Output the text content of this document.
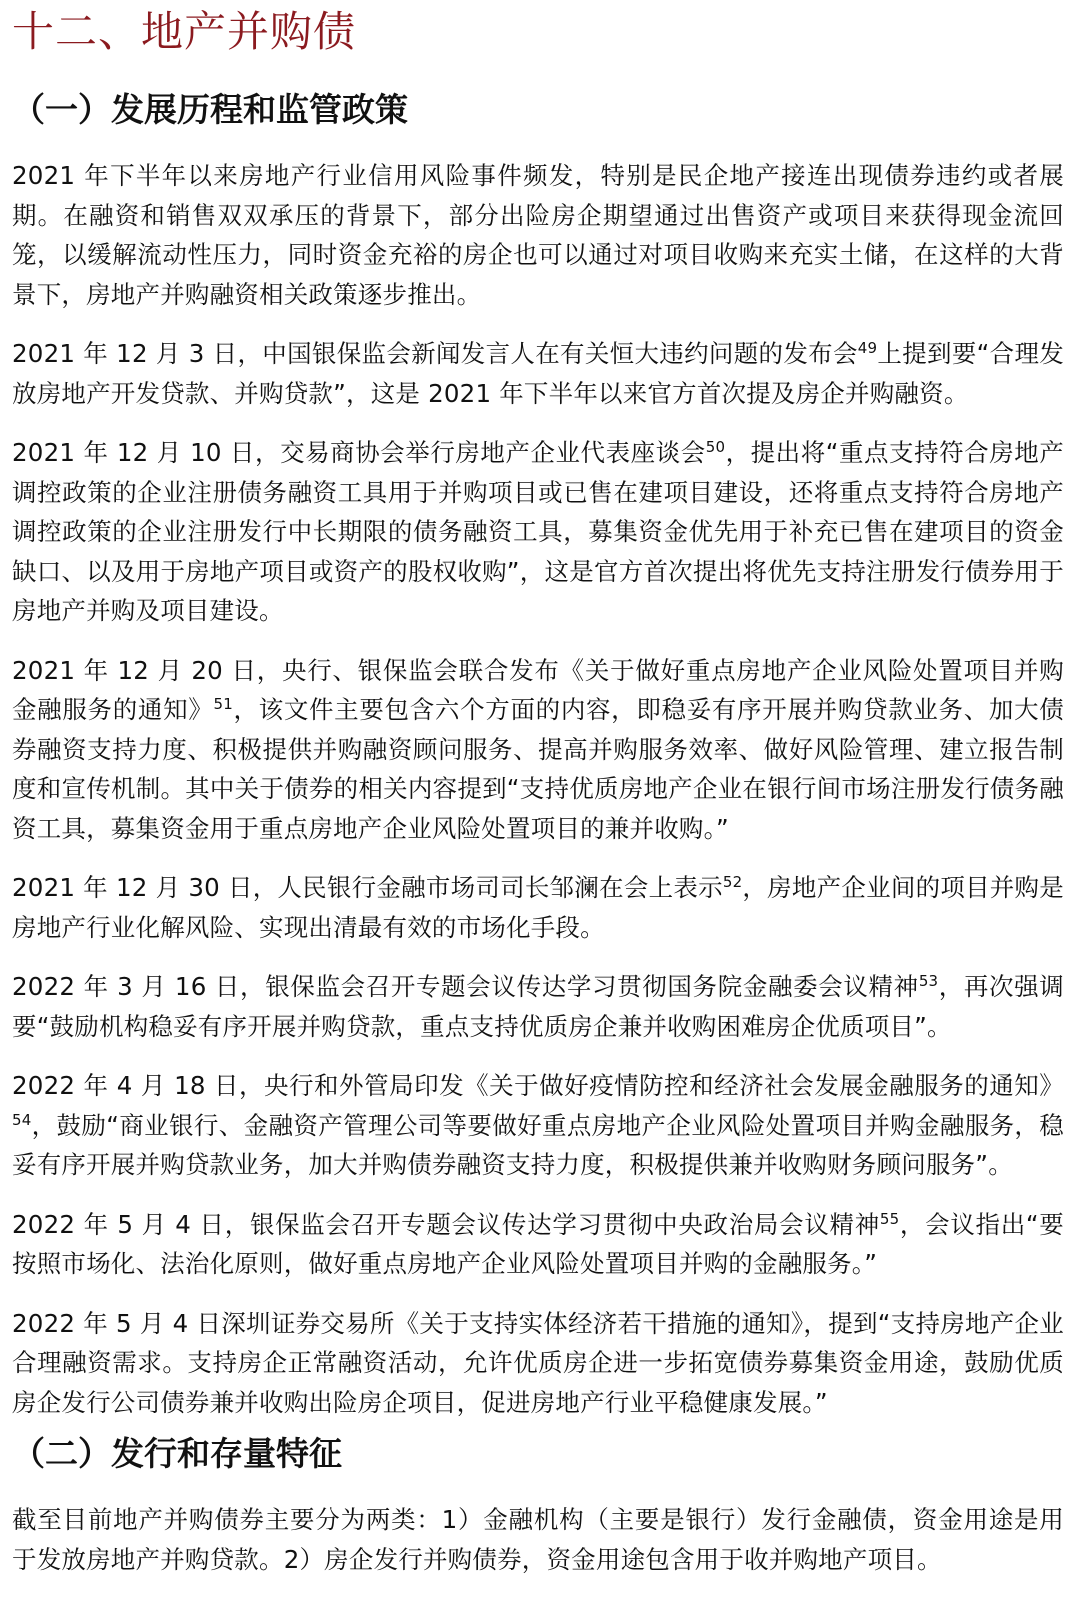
十二、地产并购债
（一）发展历程和监管政策

2021 年下半年以来房地产行业信用风险事件频发，特别是民企地产接连出现债券违约或者展期。在融资和销售双双承压的背景下，部分出险房企期望通过出售资产或项目来获得现金流回笼，以缓解流动性压力，同时资金充裕的房企也可以通过对项目收购来充实土储，在这样的大背景下，房地产并购融资相关政策逐步推出。

2021 年 12 月 3 日，中国银保监会新闻发言人在有关恒大违约问题的发布会$^{49}$上提到要“合理发放房地产开发贷款、并购贷款”，这是 2021 年下半年以来官方首次提及房企并购融资。

2021 年 12 月 10 日，交易商协会举行房地产企业代表座谈会$^{50}$，提出将“重点支持符合房地产调控政策的企业注册债务融资工具用于并购项目或已售在建项目建设，还将重点支持符合房地产调控政策的企业注册发行中长期限的债务融资工具，募集资金优先用于补充已售在建项目的资金缺口、以及用于房地产项目或资产的股权收购”，这是官方首次提出将优先支持注册发行债券用于房地产并购及项目建设。

2021 年 12 月 20 日，央行、银保监会联合发布《关于做好重点房地产企业风险处置项目并购金融服务的通知》$^{51}$，该文件主要包含六个方面的内容，即稳妥有序开展并购贷款业务、加大债券融资支持力度、积极提供并购融资顾问服务、提高并购服务效率、做好风险管理、建立报告制度和宣传机制。其中关于债券的相关内容提到“支持优质房地产企业在银行间市场注册发行债务融资工具，募集资金用于重点房地产企业风险处置项目的兼并收购。”

2021 年 12 月 30 日，人民银行金融市场司司长邹澜在会上表示$^{52}$，房地产企业间的项目并购是房地产行业化解风险、实现出清最有效的市场化手段。

2022 年 3 月 16 日，银保监会召开专题会议传达学习贯彻国务院金融委会议精神$^{53}$，再次强调要“鼓励机构稳妥有序开展并购贷款，重点支持优质房企兼并收购困难房企优质项目”。

2022 年 4 月 18 日，央行和外管局印发《关于做好疫情防控和经济社会发展金融服务的通知》$^{54}$，鼓励“商业银行、金融资产管理公司等要做好重点房地产企业风险处置项目并购金融服务，稳妥有序开展并购贷款业务，加大并购债券融资支持力度，积极提供兼并收购财务顾问服务”。

2022 年 5 月 4 日，银保监会召开专题会议传达学习贯彻中央政治局会议精神$^{55}$，会议指出“要按照市场化、法治化原则，做好重点房地产企业风险处置项目并购的金融服务。”

2022 年 5 月 4 日深圳证券交易所《关于支持实体经济若干措施的通知》，提到“支持房地产企业合理融资需求。支持房企正常融资活动，允许优质房企进一步拓宽债券募集资金用途，鼓励优质房企发行公司债券兼并收购出险房企项目，促进房地产行业平稳健康发展。”

（二）发行和存量特征

截至目前地产并购债券主要分为两类：1）金融机构（主要是银行）发行金融债，资金用途是用于发放房地产并购贷款。2）房企发行并购债券，资金用途包含用于收并购地产项目。
